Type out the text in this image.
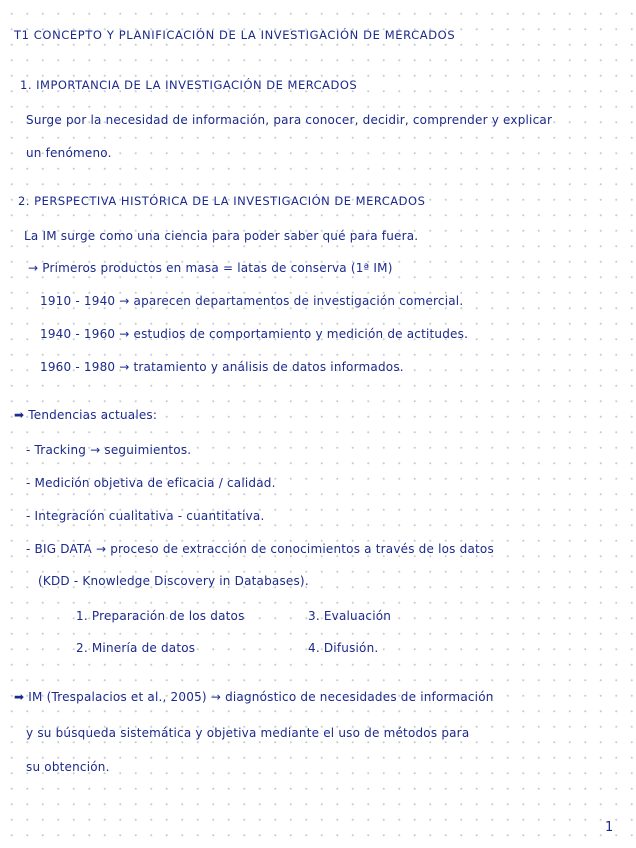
T1 CONCEPTO Y PLANIFICACIÓN DE LA INVESTIGACIÓN DE MERCADOS
1. IMPORTANCIA DE LA INVESTIGACIÓN DE MERCADOS
Surge por la necesidad de información, para conocer, decidir, comprender y explicar
un fenómeno.
2. PERSPECTIVA HISTÓRICA DE LA INVESTIGACIÓN DE MERCADOS
La IM surge como una ciencia para poder saber qué para fuera.
→ Primeros productos en masa = latas de conserva (1ª IM)
1910 - 1940 → aparecen departamentos de investigación comercial.
1940 - 1960 → estudios de comportamiento y medición de actitudes.
1960 - 1980 → tratamiento y análisis de datos informados.
➡ Tendencias actuales:
- Tracking → seguimientos.
- Medición objetiva de eficacia / calidad.
- Integración cualitativa - cuantitativa.
- BIG DATA → proceso de extracción de conocimientos a través de los datos
(KDD - Knowledge Discovery in Databases).
1. Preparación de los datos	3. Evaluación
2. Minería de datos	4. Difusión.
➡ IM (Trespalacios et al., 2005) → diagnóstico de necesidades de información
y su búsqueda sistemática y objetiva mediante el uso de métodos para
su obtención.
1
